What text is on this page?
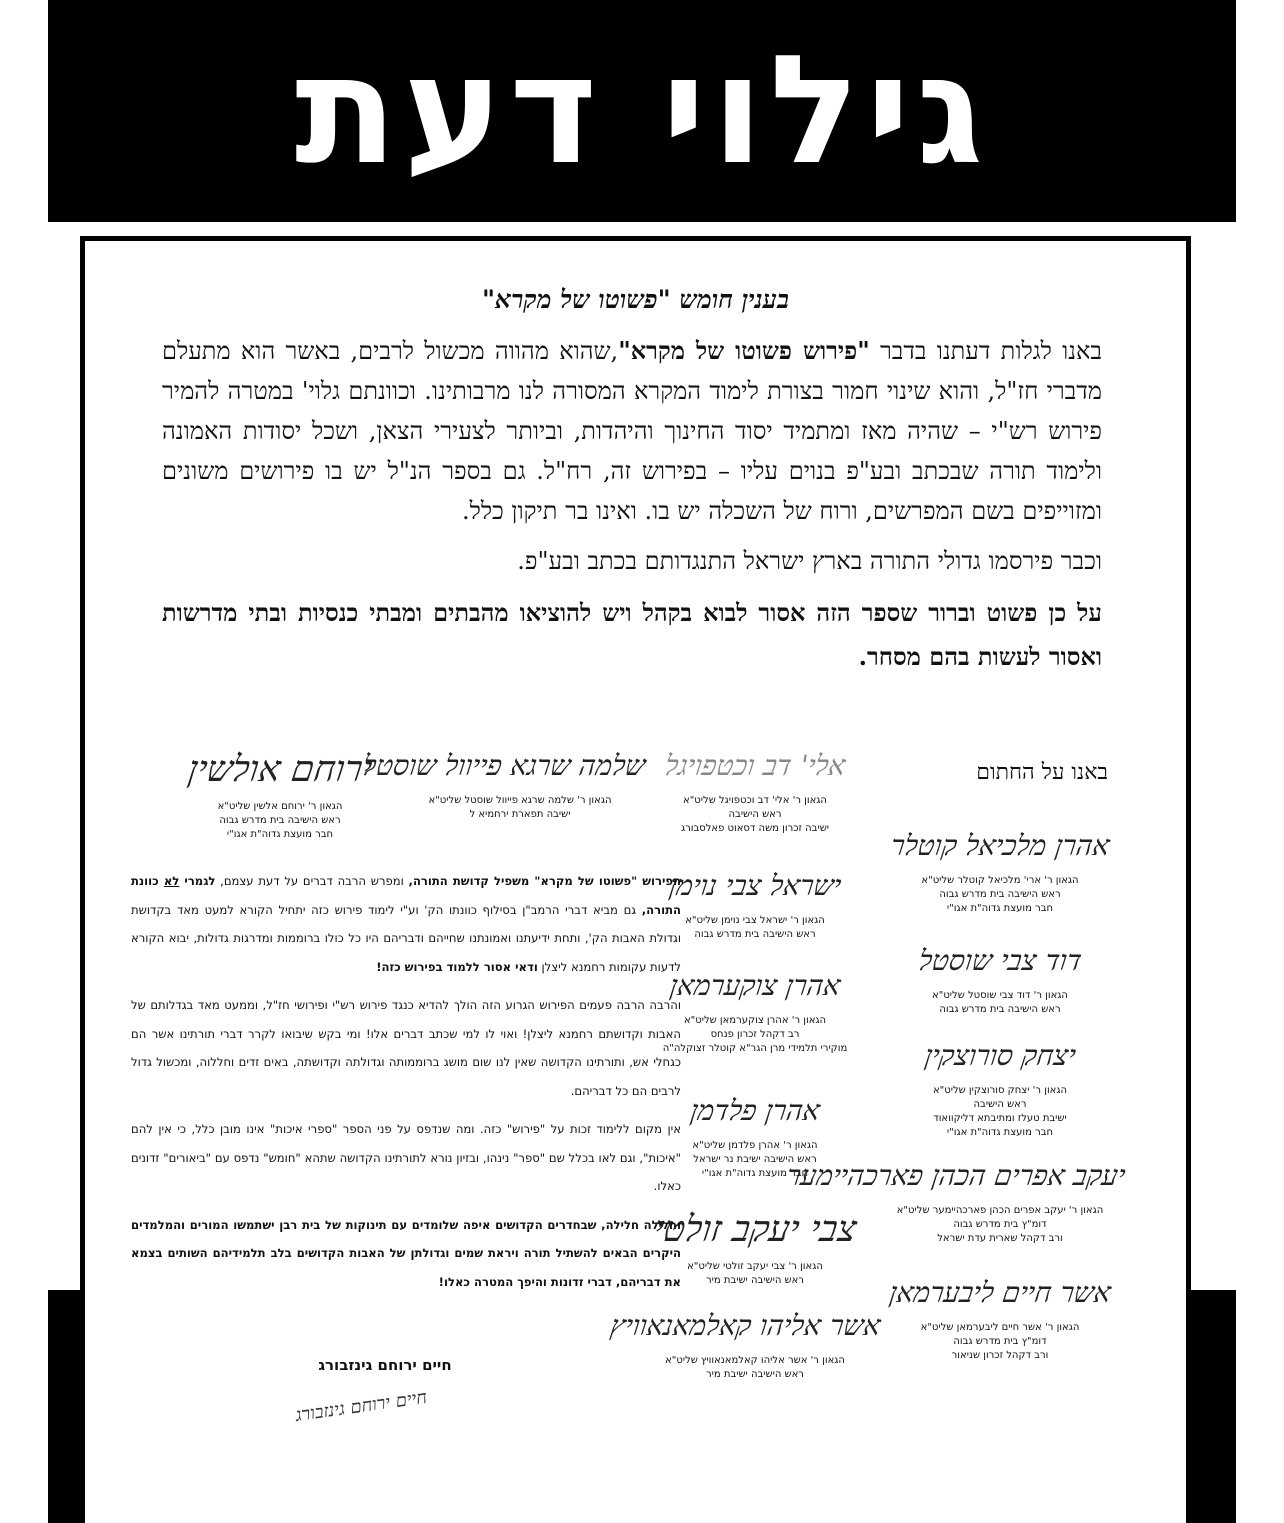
גילוי דעת
בענין חומש "פשוטו של מקרא"

באנו לגלות דעתנו בדבר "פירוש פשוטו של מקרא",שהוא מהווה מכשול לרבים, באשר הוא מתעלם מדברי חז"ל, והוא שינוי חמור בצורת לימוד המקרא המסורה לנו מרבותינו. וכוונתם גלוי' במטרה להמיר פירוש רש"י – שהיה מאז ומתמיד יסוד החינוך והיהדות, וביותר לצעירי הצאן, ושכל יסודות האמונה ולימוד תורה שבכתב ובע"פ בנוים עליו – בפירוש זה, רח"ל. גם בספר הנ"ל יש בו פירושים משונים ומזוייפים בשם המפרשים, ורוח של השכלה יש בו. ואינו בר תיקון כלל.

וכבר פירסמו גדולי התורה בארץ ישראל התנגדותם בכתב ובע"פ.

על כן פשוט וברור שספר הזה אסור לבוא בקהל ויש להוציאו מהבתים ומבתי כנסיות ובתי מדרשות ואסור לעשות בהם מסחר.

באנו על החתום
ירוחם אולשין
הגאון ר' ירוחם אלשין שליט"א
ראש הישיבה בית מדרש גבוה
חבר מועצת גדוה"ת אגו"י
שלמה שרגא פייוול שוסטל
הגאון ר' שלמה שרגא פייוול שוסטל שליט"א
ישיבה תפארת ירחמיא ל
אלי' דב וכטפויגל
הגאון ר' אלי' דב וכטפויגל שליט"א
ראש הישיבה
ישיבה זכרון משה דסאוט פאלסבורג
ישראל צבי נוימן
הגאון ר' ישראל צבי נוימן שליט"א
ראש הישיבה בית מדרש גבוה
אהרן צוקערמאן
הגאון ר' אהרן צוקערמאן שליט"א
רב דקהל זכרון פנחס
מוקירי תלמידי מרן הגר"א קוטלר זצוקלה"ה
אהרן פלדמן
הגאון ר' אהרן פלדמן שליט"א
ראש הישיבה ישיבת נר ישראל
חבר מועצת גדוה"ת אגו"י
צבי יעקב זולטי
הגאון ר' צבי יעקב זולטי שליט"א
ראש הישיבה ישיבת מיר
אשר אליהו קאלמאנאוויץ
הגאון ר' אשר אליהו קאלמאנאוויץ שליט"א
ראש הישיבה ישיבת מיר
אהרן מלכיאל קוטלר
הגאון ר' ארי' מלכיאל קוטלר שליט"א
ראש הישיבה בית מדרש גבוה
חבר מועצת גדוה"ת אגו"י
דוד צבי שוסטל
הגאון ר' דוד צבי שוסטל שליט"א
ראש הישיבה בית מדרש גבוה
יצחק סורוצקין
הגאון ר' יצחק סורוצקין שליט"א
ראש הישיבה
ישיבת טעלז ומתיבתא דליקוואוד
חבר מועצת גדוה"ת אגו"י
יעקב אפרים הכהן פארכהיימער
הגאון ר' יעקב אפרים הכהן פארכהיימער שליט"א
דומ"ץ בית מדרש גבוה
ורב דקהל שארית עדת ישראל
אשר חיים ליבערמאן
הגאון ר' אשר חיים ליבערמאן שליט"א
דומ"ץ בית מדרש גבוה
ורב דקהל זכרון שניאור

הפירוש "פשוטו של מקרא" משפיל קדושת התורה, ומפרש הרבה דברים על דעת עצמם, לגמרי לא כוונת התורה, גם מביא דברי הרמב"ן בסילוף כוונתו הק' וע"י לימוד פירוש כזה יתחיל הקורא למעט מאד בקדושת וגדולת האבות הק', ותחת ידיעתנו ואמונתנו שחייהם ודבריהם היו כל כולו ברוממות ומדרגות גדולות, יבוא הקורא לדעות עקומות רחמנא ליצלן ודאי אסור ללמוד בפירוש כזה!

והרבה הרבה פעמים הפירוש הגרוע הזה הולך להדיא כנגד פירוש רש"י ופירושי חז"ל, וממעט מאד בגדלותם של האבות וקדושתם רחמנא ליצלן! ואוי לו למי שכתב דברים אלו! ומי בקש שיבואו לקרר דברי תורתינו אשר הם כגחלי אש, ותורתינו הקדושה שאין לנו שום מושג ברוממותה וגדולתה וקדושתה, באים זדים וחללוה, ומכשול גדול לרבים הם כל דבריהם.

אין מקום ללימוד זכות על "פירוש" כזה. ומה שנדפס על פני הספר "ספרי איכות" אינו מובן כלל, כי אין להם "איכות", וגם לאו בכלל שם "ספר" נינהו, ובזיון נורא לתורתינו הקדושה שתהא "חומש" נדפס עם "ביאורים" זדונים כאלו.

וחלילה חלילה, שבחדרים הקדושים איפה שלומדים עם תינוקות של בית רבן ישתמשו המורים והמלמדים היקרים הבאים להשתיל תורה ויראת שמים וגדולתן של האבות הקדושים בלב תלמידיהם השותים בצמא את דבריהם, דברי זדונות והיפך המטרה כאלו!

חיים ירוחם גינזבורג
חיים ירוחם גינזבורג
